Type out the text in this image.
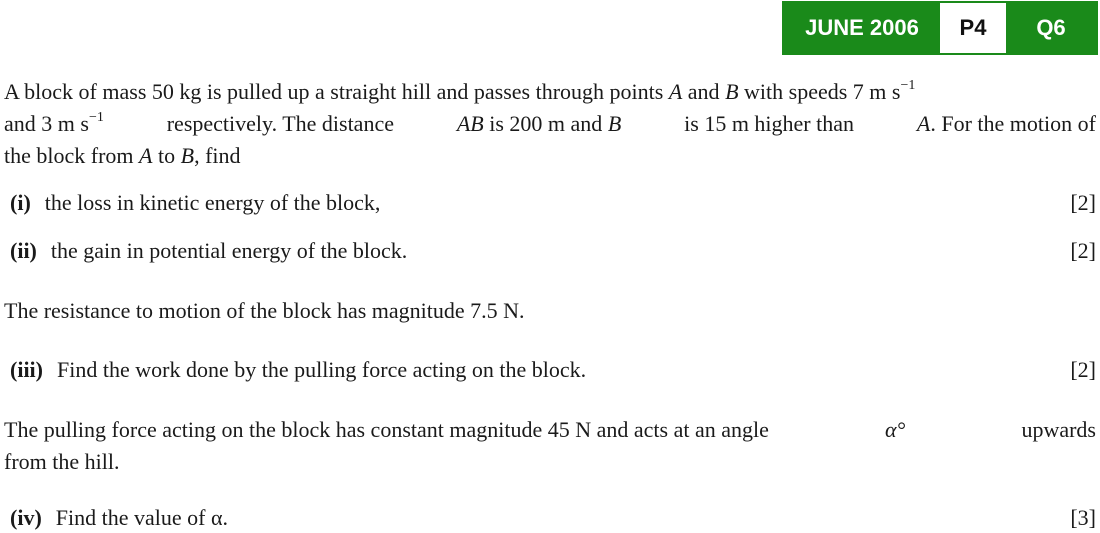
JUNE 2006	P4	Q6
A block of mass 50 kg is pulled up a straight hill and passes through points A and B with speeds 7 m $s^{-1}$
and 3 m $s^{-1}$	respectively. The distance	AB is 200 m and B	is 15 m higher than	A. For the motion of
the block from A to B, find
(i) the loss in kinetic energy of the block,	[2]
(ii) the gain in potential energy of the block.	[2]
The resistance to motion of the block has magnitude 7.5 N.
(iii) Find the work done by the pulling force acting on the block.	[2]
The pulling force acting on the block has constant magnitude 45 N and acts at an angle	α°	upwards
from the hill.
(iv) Find the value of α.	[3]
